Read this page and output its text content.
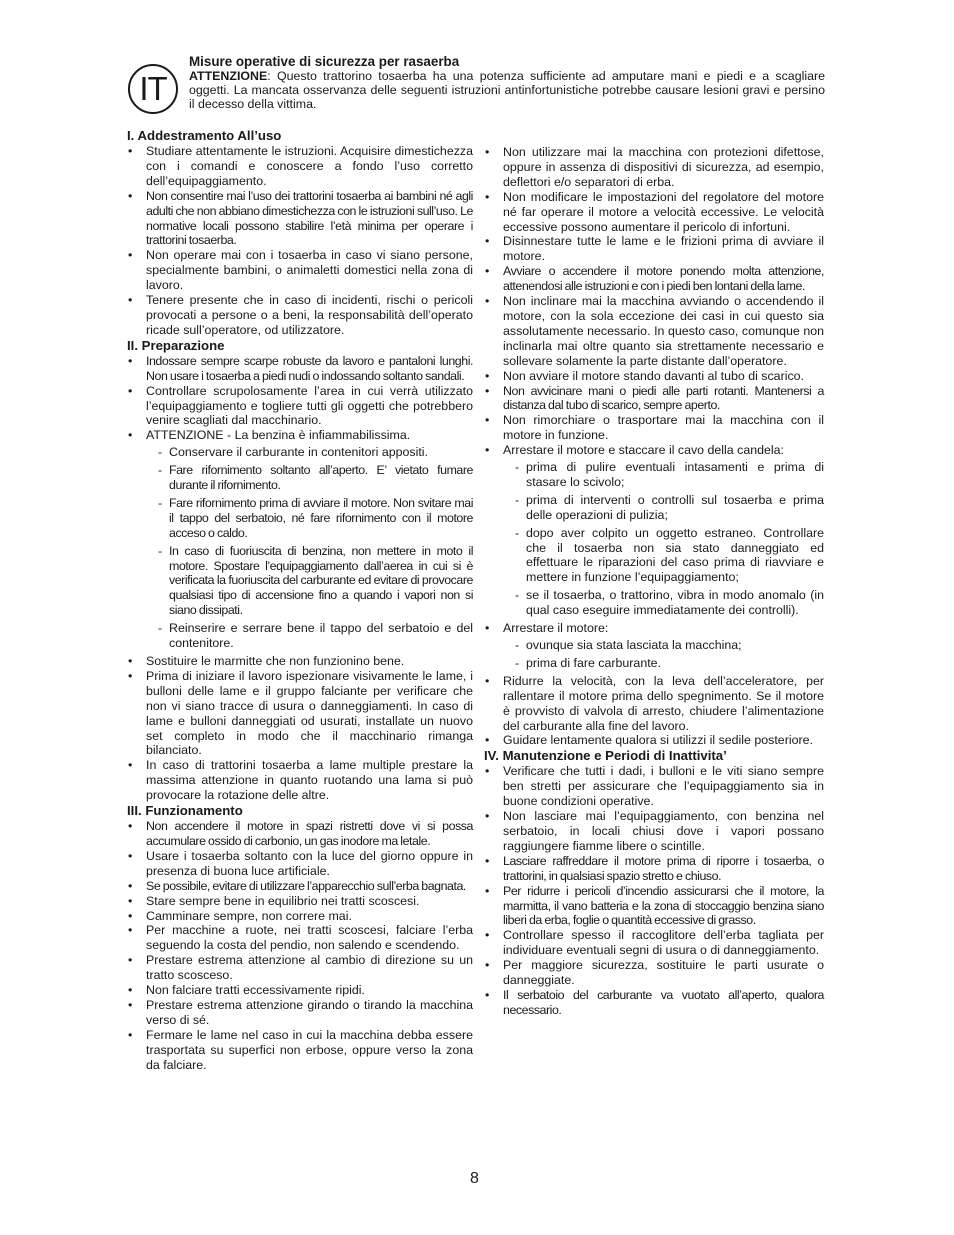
IT
Misure operative di sicurezza per rasaerba

ATTENZIONE: Questo trattorino tosaerba ha una potenza sufficiente ad amputare mani e piedi e a scagliare oggetti. La mancata osservanza delle seguenti istruzioni antinfortunistiche potrebbe causare lesioni gravi e persino il decesso della vittima.

I. Addestramento All’uso
• Studiare attentamente le istruzioni. Acquisire dimestichezza con i comandi e conoscere a fondo l’uso corretto dell’equipaggiamento.
• Non consentire mai l’uso dei trattorini tosaerba ai bambini né agli adulti che non abbiano dimestichezza con le istruzioni sull’uso. Le normative locali possono stabilire l’età minima per operare i trattorini tosaerba.
• Non operare mai con i tosaerba in caso vi siano persone, specialmente bambini, o animaletti domestici nella zona di lavoro.
• Tenere presente che in caso di incidenti, rischi o pericoli provocati a persone o a beni, la responsabilità dell’operato ricade sull’operatore, od utilizzatore.
II. Preparazione
• Indossare sempre scarpe robuste da lavoro e pantaloni lunghi. Non usare i tosaerba a piedi nudi o indossando soltanto sandali.
• Controllare scrupolosamente l’area in cui verrà utilizzato l’equipaggiamento e togliere tutti gli oggetti che potrebbero venire scagliati dal macchinario.
• ATTENZIONE - La benzina è infiammabilissima.
- Conservare il carburante in contenitori appositi.
- Fare rifornimento soltanto all’aperto. E’ vietato fumare durante il rifornimento.
- Fare rifornimento prima di avviare il motore. Non svitare mai il tappo del serbatoio, né fare rifornimento con il motore acceso o caldo.
- In caso di fuoriuscita di benzina, non mettere in moto il motore. Spostare l’equipaggiamento dall’aerea in cui si è verificata la fuoriuscita del carburante ed evitare di provocare qualsiasi tipo di accensione fino a quando i vapori non si siano dissipati.
- Reinserire e serrare bene il tappo del serbatoio e del contenitore.
• Sostituire le marmitte che non funzionino bene.
• Prima di iniziare il lavoro ispezionare visivamente le lame, i bulloni delle lame e il gruppo falciante per verificare che non vi siano tracce di usura o danneggiamenti. In caso di lame e bulloni danneggiati od usurati, installate un nuovo set completo in modo che il macchinario rimanga bilanciato.
• In caso di trattorini tosaerba a lame multiple prestare la massima attenzione in quanto ruotando una lama si può provocare la rotazione delle altre.
III. Funzionamento
• Non accendere il motore in spazi ristretti dove vi si possa accumulare ossido di carbonio, un gas inodore ma letale.
• Usare i tosaerba soltanto con la luce del giorno oppure in presenza di buona luce artificiale.
• Se possibile, evitare di utilizzare l’apparecchio sull’erba bagnata.
• Stare sempre bene in equilibrio nei tratti scoscesi.
• Camminare sempre, non correre mai.
• Per macchine a ruote, nei tratti scoscesi, falciare l’erba seguendo la costa del pendio, non salendo e scendendo.
• Prestare estrema attenzione al cambio di direzione su un tratto scosceso.
• Non falciare tratti eccessivamente ripidi.
• Prestare estrema attenzione girando o tirando la macchina verso di sé.
• Fermare le lame nel caso in cui la macchina debba essere trasportata su superfici non erbose, oppure verso la zona da falciare.
• Non utilizzare mai la macchina con protezioni difettose, oppure in assenza di dispositivi di sicurezza, ad esempio, deflettori e/o separatori di erba.
• Non modificare le impostazioni del regolatore del motore né far operare il motore a velocità eccessive. Le velocità eccessive possono aumentare il pericolo di infortuni.
• Disinnestare tutte le lame e le frizioni prima di avviare il motore.
• Avviare o accendere il motore ponendo molta attenzione, attenendosi alle istruzioni e con i piedi ben lontani della lame.
• Non inclinare mai la macchina avviando o accendendo il motore, con la sola eccezione dei casi in cui questo sia assolutamente necessario. In questo caso, comunque non inclinarla mai oltre quanto sia strettamente necessario e sollevare solamente la parte distante dall’operatore.
• Non avviare il motore stando davanti al tubo di scarico.
• Non avvicinare mani o piedi alle parti rotanti. Mantenersi a distanza dal tubo di scarico, sempre aperto.
• Non rimorchiare o trasportare mai la macchina con il motore in funzione.
• Arrestare il motore e staccare il cavo della candela:
- prima di pulire eventuali intasamenti e prima di stasare lo scivolo;
- prima di interventi o controlli sul tosaerba e prima delle operazioni di pulizia;
- dopo aver colpito un oggetto estraneo. Controllare che il tosaerba non sia stato danneggiato ed effettuare le riparazioni del caso prima di riavviare e mettere in funzione l’equipaggiamento;
- se il tosaerba, o trattorino, vibra in modo anomalo (in qual caso eseguire immediatamente dei controlli).
• Arrestare il motore:
- ovunque sia stata lasciata la macchina;
- prima di fare carburante.
• Ridurre la velocità, con la leva dell’acceleratore, per rallentare il motore prima dello spegnimento. Se il motore è provvisto di valvola di arresto, chiudere l’alimentazione del carburante alla fine del lavoro.
• Guidare lentamente qualora si utilizzi il sedile posteriore.
IV. Manutenzione e Periodi di Inattivita’
• Verificare che tutti i dadi, i bulloni e le viti siano sempre ben stretti per assicurare che l’equipaggiamento sia in buone condizioni operative.
• Non lasciare mai l’equipaggiamento, con benzina nel serbatoio, in locali chiusi dove i vapori possano raggiungere fiamme libere o scintille.
• Lasciare raffreddare il motore prima di riporre i tosaerba, o trattorini, in qualsiasi spazio stretto e chiuso.
• Per ridurre i pericoli d’incendio assicurarsi che il motore, la marmitta, il vano batteria e la zona di stoccaggio benzina siano liberi da erba, foglie o quantità eccessive di grasso.
• Controllare spesso il raccoglitore dell’erba tagliata per individuare eventuali segni di usura o di danneggiamento.
• Per maggiore sicurezza, sostituire le parti usurate o danneggiate.
• Il serbatoio del carburante va vuotato all’aperto, qualora necessario.
8
